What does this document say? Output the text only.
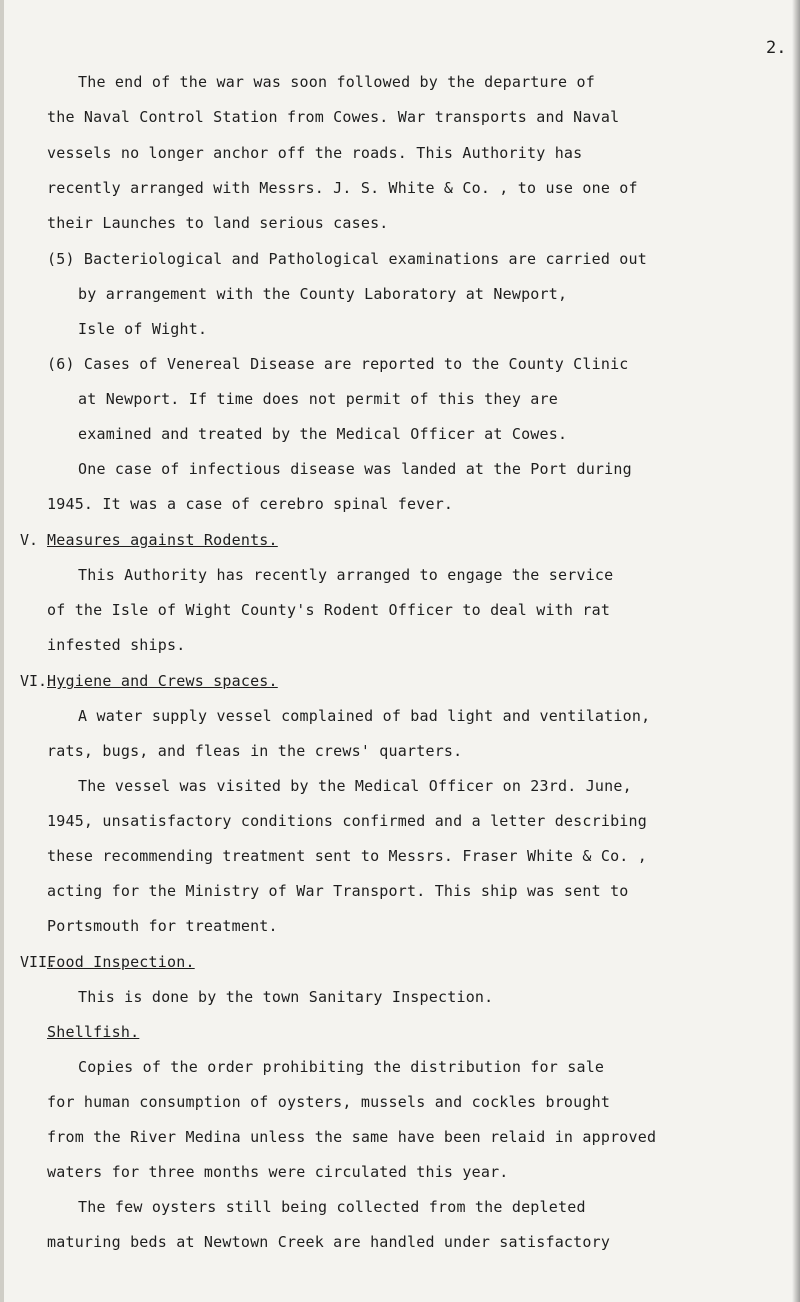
2.
The end of the war was soon followed by the departure of
the Naval Control Station from Cowes. War transports and Naval
vessels no longer anchor off the roads. This Authority has
recently arranged with Messrs. J. S. White & Co. , to use one of
their Launches to land serious cases.
(5) Bacteriological and Pathological examinations are carried out
by arrangement with the County Laboratory at Newport,
Isle of Wight.
(6) Cases of Venereal Disease are reported to the County Clinic
at Newport. If time does not permit of this they are
examined and treated by the Medical Officer at Cowes.
One case of infectious disease was landed at the Port during
1945. It was a case of cerebro spinal fever.
V. Measures against Rodents.
This Authority has recently arranged to engage the service
of the Isle of Wight County's Rodent Officer to deal with rat
infested ships.
VI. Hygiene and Crews spaces.
A water supply vessel complained of bad light and ventilation,
rats, bugs, and fleas in the crews' quarters.
The vessel was visited by the Medical Officer on 23rd. June,
1945, unsatisfactory conditions confirmed and a letter describing
these recommending treatment sent to Messrs. Fraser White & Co. ,
acting for the Ministry of War Transport. This ship was sent to
Portsmouth for treatment.
VII.
Food Inspection.
This is done by the town Sanitary Inspection.
Shellfish.
Copies of the order prohibiting the distribution for sale
for human consumption of oysters, mussels and cockles brought
from the River Medina unless the same have been relaid in approved
waters for three months were circulated this year.
The few oysters still being collected from the depleted
maturing beds at Newtown Creek are handled under satisfactory
